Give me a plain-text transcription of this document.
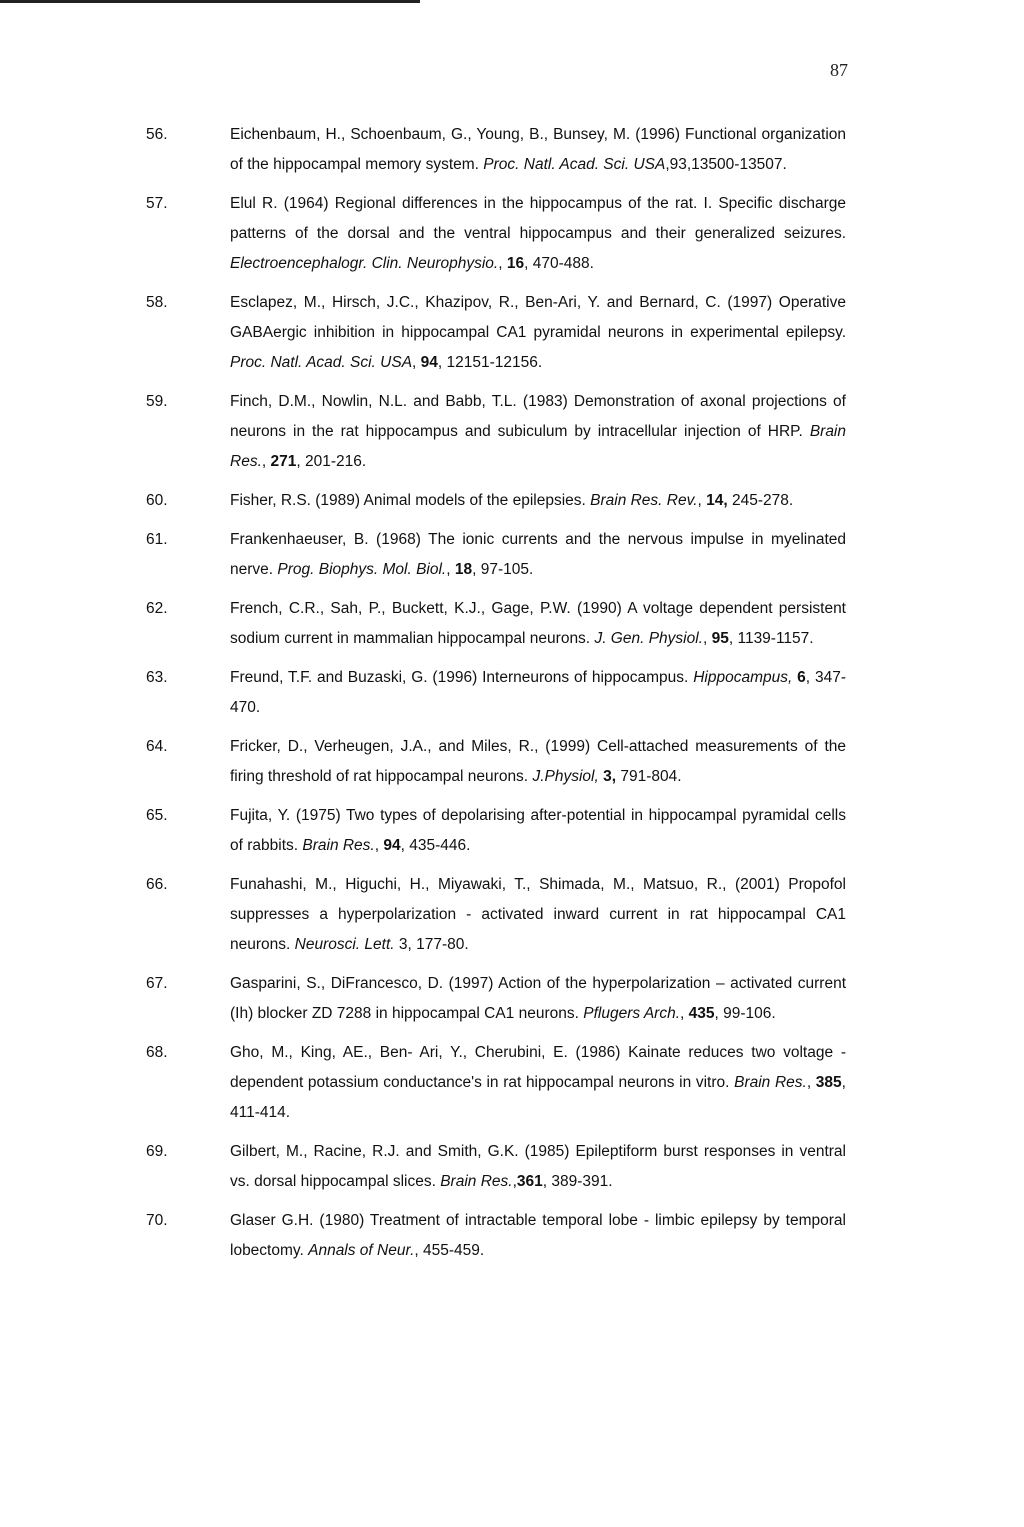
87
56.	Eichenbaum, H., Schoenbaum, G., Young, B., Bunsey, M. (1996) Functional organization of the hippocampal memory system. Proc. Natl. Acad. Sci. USA,93,13500-13507.
57.	Elul R. (1964) Regional differences in the hippocampus of the rat. I. Specific discharge patterns of the dorsal and the ventral hippocampus and their generalized seizures. Electroencephalogr. Clin. Neurophysio., 16, 470-488.
58.	Esclapez, M., Hirsch, J.C., Khazipov, R., Ben-Ari, Y. and Bernard, C. (1997) Operative GABAergic inhibition in hippocampal CA1 pyramidal neurons in experimental epilepsy. Proc. Natl. Acad. Sci. USA, 94, 12151-12156.
59.	Finch, D.M., Nowlin, N.L. and Babb, T.L. (1983) Demonstration of axonal projections of neurons in the rat hippocampus and subiculum by intracellular injection of HRP. Brain Res., 271, 201-216.
60.	Fisher, R.S. (1989) Animal models of the epilepsies. Brain Res. Rev., 14, 245-278.
61.	Frankenhaeuser, B. (1968) The ionic currents and the nervous impulse in myelinated nerve. Prog. Biophys. Mol. Biol., 18, 97-105.
62.	French, C.R., Sah, P., Buckett, K.J., Gage, P.W. (1990) A voltage dependent persistent sodium current in mammalian hippocampal neurons. J. Gen. Physiol., 95, 1139-1157.
63.	Freund, T.F. and Buzaski, G. (1996) Interneurons of hippocampus. Hippocampus, 6, 347-470.
64.	Fricker, D., Verheugen, J.A., and Miles, R., (1999) Cell-attached measurements of the firing threshold of rat hippocampal neurons. J.Physiol, 3, 791-804.
65.	Fujita, Y. (1975) Two types of depolarising after-potential in hippocampal pyramidal cells of rabbits. Brain Res., 94, 435-446.
66.	Funahashi, M., Higuchi, H., Miyawaki, T., Shimada, M., Matsuo, R., (2001) Propofol suppresses a hyperpolarization - activated inward current in rat hippocampal CA1 neurons. Neurosci. Lett. 3, 177-80.
67.	Gasparini, S., DiFrancesco, D. (1997) Action of the hyperpolarization – activated current (Ih) blocker ZD 7288 in hippocampal CA1 neurons. Pflugers Arch., 435, 99-106.
68.	Gho, M., King, AE., Ben- Ari, Y., Cherubini, E. (1986) Kainate reduces two voltage - dependent potassium conductance's in rat hippocampal neurons in vitro. Brain Res., 385, 411-414.
69.	Gilbert, M., Racine, R.J. and Smith, G.K. (1985) Epileptiform burst responses in ventral vs. dorsal hippocampal slices. Brain Res.,361, 389-391.
70.	Glaser G.H. (1980) Treatment of intractable temporal lobe - limbic epilepsy by temporal lobectomy. Annals of Neur., 455-459.
